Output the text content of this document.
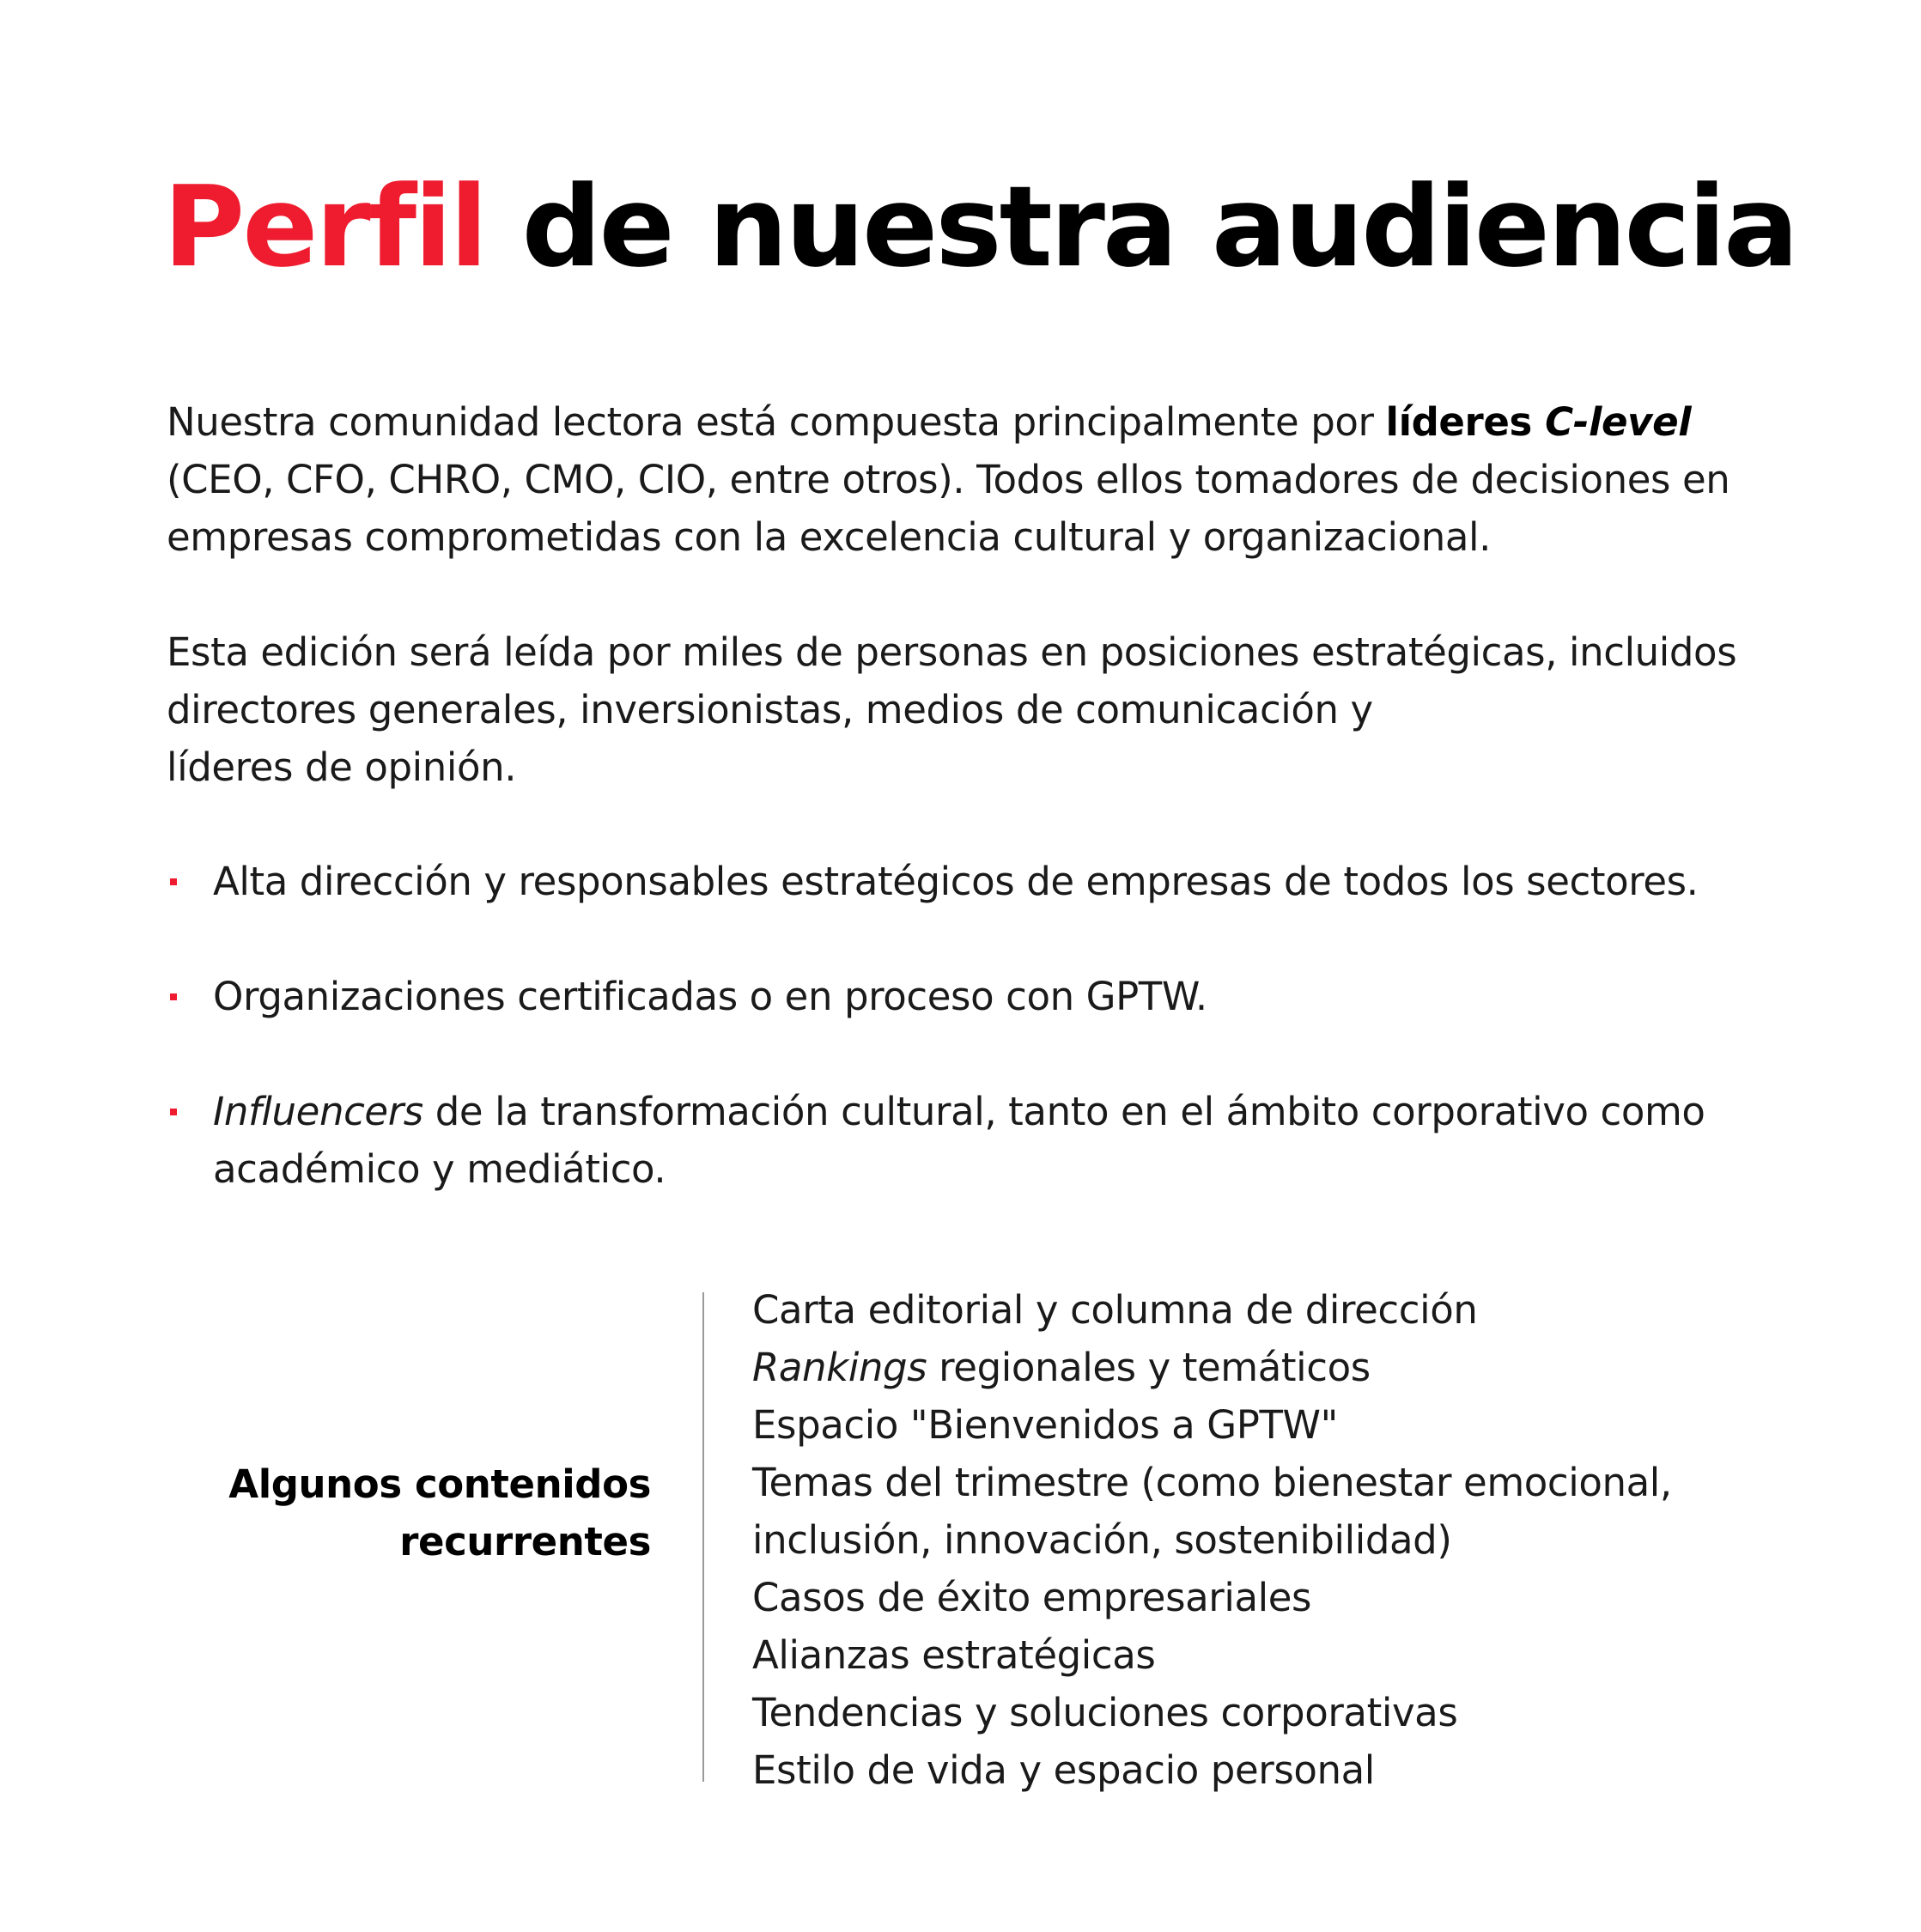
Perfil de nuestra audiencia

Nuestra comunidad lectora está compuesta principalmente por líderes C-level
(CEO, CFO, CHRO, CMO, CIO, entre otros). Todos ellos tomadores de decisiones en
empresas comprometidas con la excelencia cultural y organizacional.

Esta edición será leída por miles de personas en posiciones estratégicas, incluidos
directores generales, inversionistas, medios de comunicación y
líderes de opinión.

Alta dirección y responsables estratégicos de empresas de todos los sectores.
Organizaciones certificadas o en proceso con GPTW.
Influencers de la transformación cultural, tanto en el ámbito corporativo como
académico y mediático.
Algunos contenidos
recurrentes
Carta editorial y columna de dirección
Rankings regionales y temáticos
Espacio "Bienvenidos a GPTW"
Temas del trimestre (como bienestar emocional,
inclusión, innovación, sostenibilidad)
Casos de éxito empresariales
Alianzas estratégicas
Tendencias y soluciones corporativas
Estilo de vida y espacio personal
